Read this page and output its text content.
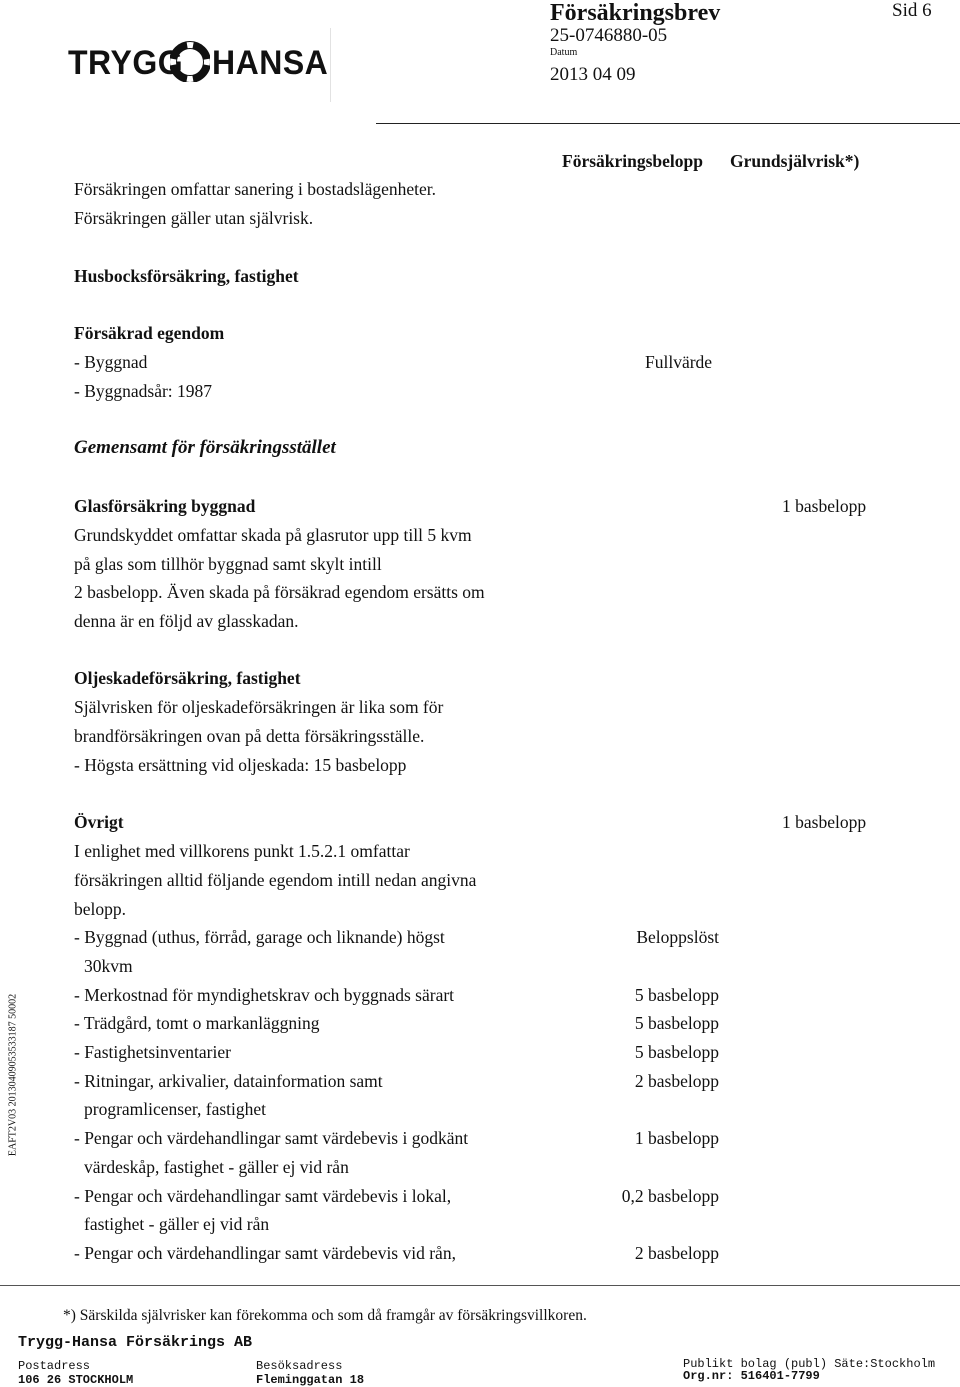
TRYGG HANSA
Försäkringsbrev
25-0746880-05
Datum
2013 04 09
Sid 6
Försäkringsbelopp Grundsjälvrisk*)
Försäkringen omfattar sanering i bostadslägenheter.
Försäkringen gäller utan självrisk.
Husbocksförsäkring, fastighet
Försäkrad egendom
- Byggnad	Fullvärde
- Byggnadsår: 1987
Gemensamt för försäkringsstället
Glasförsäkring byggnad	1 basbelopp
Grundskyddet omfattar skada på glasrutor upp till 5 kvm
på glas som tillhör byggnad samt skylt intill
2 basbelopp. Även skada på försäkrad egendom ersätts om
denna är en följd av glasskadan.
Oljeskadeförsäkring, fastighet
Självrisken för oljeskadeförsäkringen är lika som för
brandförsäkringen ovan på detta försäkringsställe.
- Högsta ersättning vid oljeskada: 15 basbelopp
Övrigt	1 basbelopp
I enlighet med villkorens punkt 1.5.2.1 omfattar
försäkringen alltid följande egendom intill nedan angivna
belopp.
- Byggnad (uthus, förråd, garage och liknande) högst	Beloppslöst
30kvm
- Merkostnad för myndighetskrav och byggnads särart	5 basbelopp
- Trädgård, tomt o markanläggning	5 basbelopp
- Fastighetsinventarier	5 basbelopp
- Ritningar, arkivalier, datainformation samt	2 basbelopp
programlicenser, fastighet
- Pengar och värdehandlingar samt värdebevis i godkänt	1 basbelopp
värdeskåp, fastighet - gäller ej vid rån
- Pengar och värdehandlingar samt värdebevis i lokal,	0,2 basbelopp
fastighet - gäller ej vid rån
- Pengar och värdehandlingar samt värdebevis vid rån,	2 basbelopp
EAFT2V03 20130409053533187 50002
*) Särskilda självrisker kan förekomma och som då framgår av försäkringsvillkoren.
Trygg-Hansa Försäkrings AB
Postadress
106 26 STOCKHOLM
Besöksadress
Fleminggatan 18
Publikt bolag (publ) Säte:Stockholm
Org.nr: 516401-7799
